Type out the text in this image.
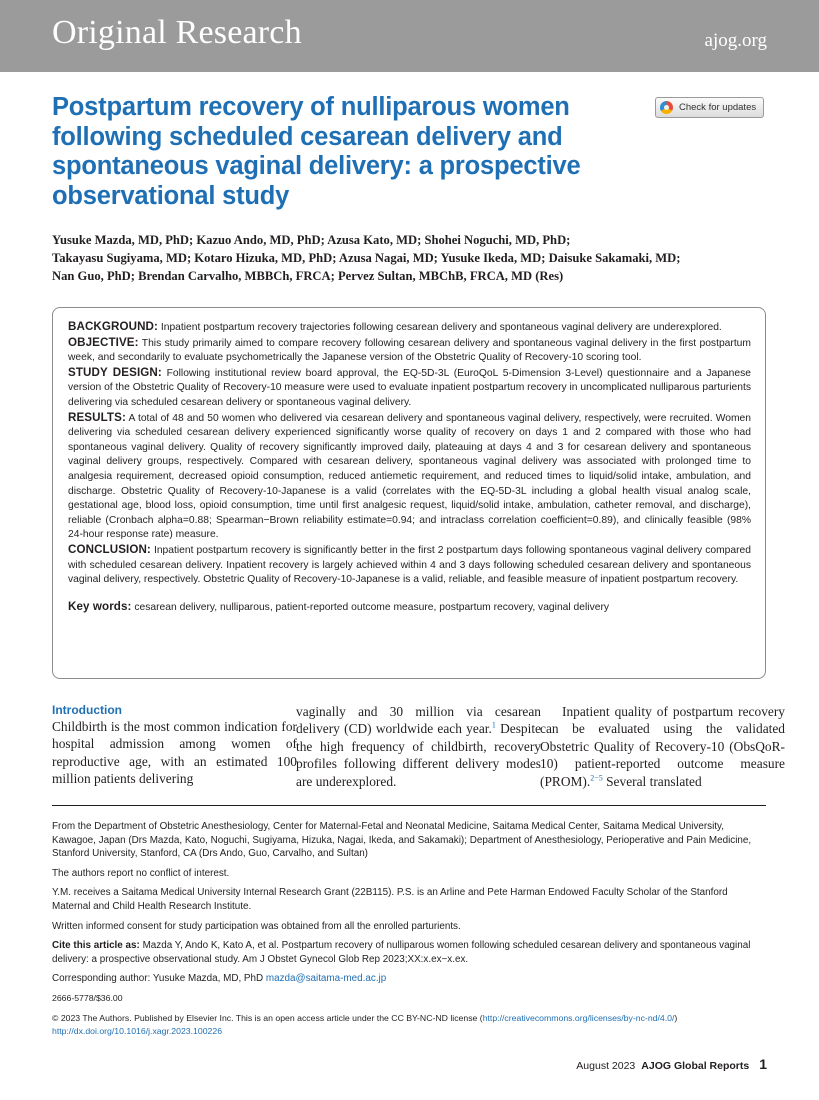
Original Research	ajog.org
Postpartum recovery of nulliparous women following scheduled cesarean delivery and spontaneous vaginal delivery: a prospective observational study
Check for updates
Yusuke Mazda, MD, PhD; Kazuo Ando, MD, PhD; Azusa Kato, MD; Shohei Noguchi, MD, PhD;
Takayasu Sugiyama, MD; Kotaro Hizuka, MD, PhD; Azusa Nagai, MD; Yusuke Ikeda, MD; Daisuke Sakamaki, MD;
Nan Guo, PhD; Brendan Carvalho, MBBCh, FRCA; Pervez Sultan, MBChB, FRCA, MD (Res)

BACKGROUND: Inpatient postpartum recovery trajectories following cesarean delivery and spontaneous vaginal delivery are underexplored.

OBJECTIVE: This study primarily aimed to compare recovery following cesarean delivery and spontaneous vaginal delivery in the first postpartum week, and secondarily to evaluate psychometrically the Japanese version of the Obstetric Quality of Recovery-10 scoring tool.

STUDY DESIGN: Following institutional review board approval, the EQ-5D-3L (EuroQoL 5-Dimension 3-Level) questionnaire and a Japanese version of the Obstetric Quality of Recovery-10 measure were used to evaluate inpatient postpartum recovery in uncomplicated nulliparous parturients delivering via scheduled cesarean delivery or spontaneous vaginal delivery.

RESULTS: A total of 48 and 50 women who delivered via cesarean delivery and spontaneous vaginal delivery, respectively, were recruited. Women delivering via scheduled cesarean delivery experienced significantly worse quality of recovery on days 1 and 2 compared with those who had spontaneous vaginal delivery. Quality of recovery significantly improved daily, plateauing at days 4 and 3 for cesarean delivery and spontaneous vaginal delivery groups, respectively. Compared with cesarean delivery, spontaneous vaginal delivery was associated with prolonged time to analgesia requirement, decreased opioid consumption, reduced antiemetic requirement, and reduced times to liquid/solid intake, ambulation, and discharge. Obstetric Quality of Recovery-10-Japanese is a valid (correlates with the EQ-5D-3L including a global health visual analog scale, gestational age, blood loss, opioid consumption, time until first analgesic request, liquid/solid intake, ambulation, catheter removal, and discharge), reliable (Cronbach alpha=0.88; Spearman−Brown reliability estimate=0.94; and intraclass correlation coefficient=0.89), and clinically feasible (98% 24-hour response rate) measure.

CONCLUSION: Inpatient postpartum recovery is significantly better in the first 2 postpartum days following spontaneous vaginal delivery compared with scheduled cesarean delivery. Inpatient recovery is largely achieved within 4 and 3 days following scheduled cesarean delivery and spontaneous vaginal delivery, respectively. Obstetric Quality of Recovery-10-Japanese is a valid, reliable, and feasible measure of inpatient postpartum recovery.

Key words: cesarean delivery, nulliparous, patient-reported outcome measure, postpartum recovery, vaginal delivery

Introduction
Childbirth is the most common indication for hospital admission among women of reproductive age, with an estimated 100 million patients delivering

vaginally and 30 million via cesarean delivery (CD) worldwide each year.$^1$ Despite the high frequency of childbirth, recovery profiles following different delivery modes are underexplored.

Inpatient quality of postpartum recovery can be evaluated using the validated Obstetric Quality of Recovery-10 (ObsQoR-10) patient-reported outcome measure (PROM).$^{2-5}$ Several translated

From the Department of Obstetric Anesthesiology, Center for Maternal-Fetal and Neonatal Medicine, Saitama Medical Center, Saitama Medical University, Kawagoe, Japan (Drs Mazda, Kato, Noguchi, Sugiyama, Hizuka, Nagai, Ikeda, and Sakamaki); Department of Anesthesiology, Perioperative and Pain Medicine, Stanford University, Stanford, CA (Drs Ando, Guo, Carvalho, and Sultan)

The authors report no conflict of interest.

Y.M. receives a Saitama Medical University Internal Research Grant (22B115). P.S. is an Arline and Pete Harman Endowed Faculty Scholar of the Stanford Maternal and Child Health Research Institute.

Written informed consent for study participation was obtained from all the enrolled parturients.

Cite this article as: Mazda Y, Ando K, Kato A, et al. Postpartum recovery of nulliparous women following scheduled cesarean delivery and spontaneous vaginal delivery: a prospective observational study. Am J Obstet Gynecol Glob Rep 2023;XX:x.ex−x.ex.

Corresponding author: Yusuke Mazda, MD, PhD mazda@saitama-med.ac.jp

2666-5778/$36.00

© 2023 The Authors. Published by Elsevier Inc. This is an open access article under the CC BY-NC-ND license (http://creativecommons.org/licenses/by-nc-nd/4.0/)
http://dx.doi.org/10.1016/j.xagr.2023.100226

August 2023 AJOG Global Reports 1
